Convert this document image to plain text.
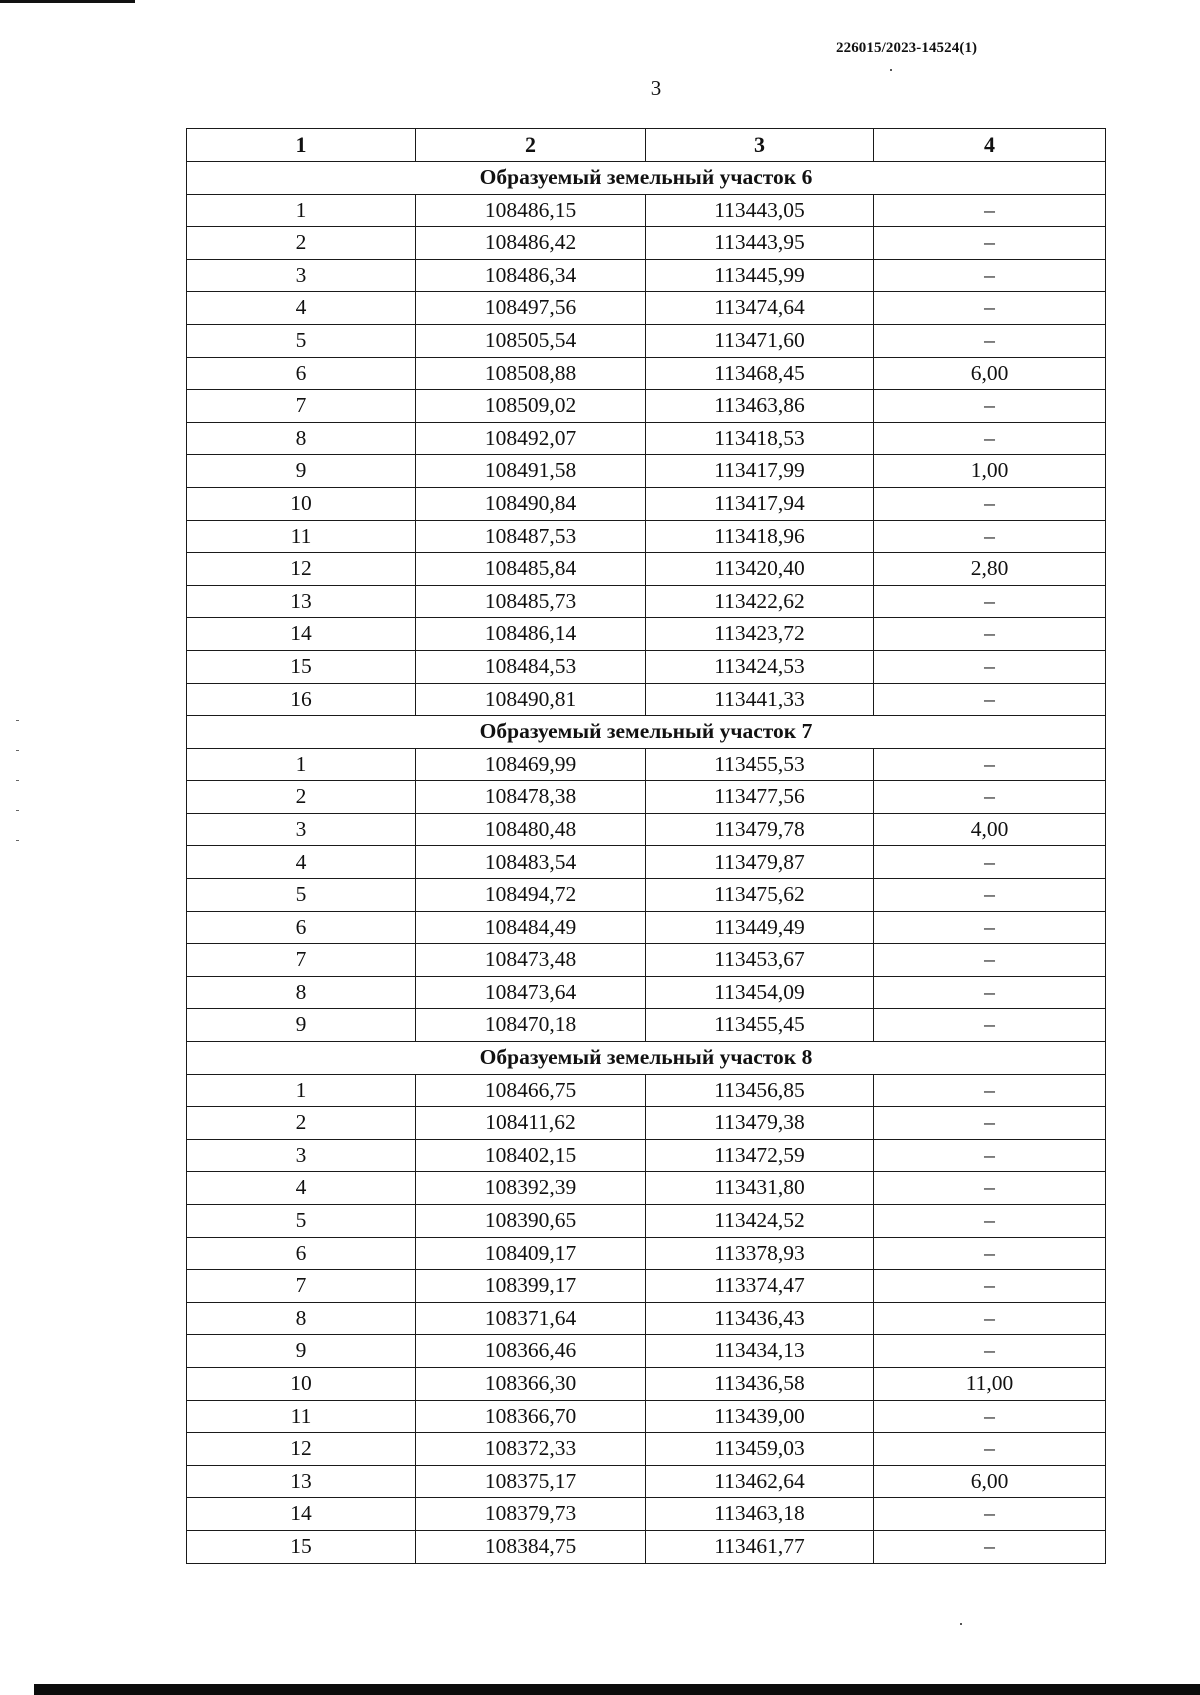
226015/2023-14524(1)
3
1	2	3	4
Образуемый земельный участок 6			
1	108486,15	113443,05	–
2	108486,42	113443,95	–
3	108486,34	113445,99	–
4	108497,56	113474,64	–
5	108505,54	113471,60	–
6	108508,88	113468,45	6,00
7	108509,02	113463,86	–
8	108492,07	113418,53	–
9	108491,58	113417,99	1,00
10	108490,84	113417,94	–
11	108487,53	113418,96	–
12	108485,84	113420,40	2,80
13	108485,73	113422,62	–
14	108486,14	113423,72	–
15	108484,53	113424,53	–
16	108490,81	113441,33	–
Образуемый земельный участок 7			
1	108469,99	113455,53	–
2	108478,38	113477,56	–
3	108480,48	113479,78	4,00
4	108483,54	113479,87	–
5	108494,72	113475,62	–
6	108484,49	113449,49	–
7	108473,48	113453,67	–
8	108473,64	113454,09	–
9	108470,18	113455,45	–
Образуемый земельный участок 8			
1	108466,75	113456,85	–
2	108411,62	113479,38	–
3	108402,15	113472,59	–
4	108392,39	113431,80	–
5	108390,65	113424,52	–
6	108409,17	113378,93	–
7	108399,17	113374,47	–
8	108371,64	113436,43	–
9	108366,46	113434,13	–
10	108366,30	113436,58	11,00
11	108366,70	113439,00	–
12	108372,33	113459,03	–
13	108375,17	113462,64	6,00
14	108379,73	113463,18	–
15	108384,75	113461,77	–
